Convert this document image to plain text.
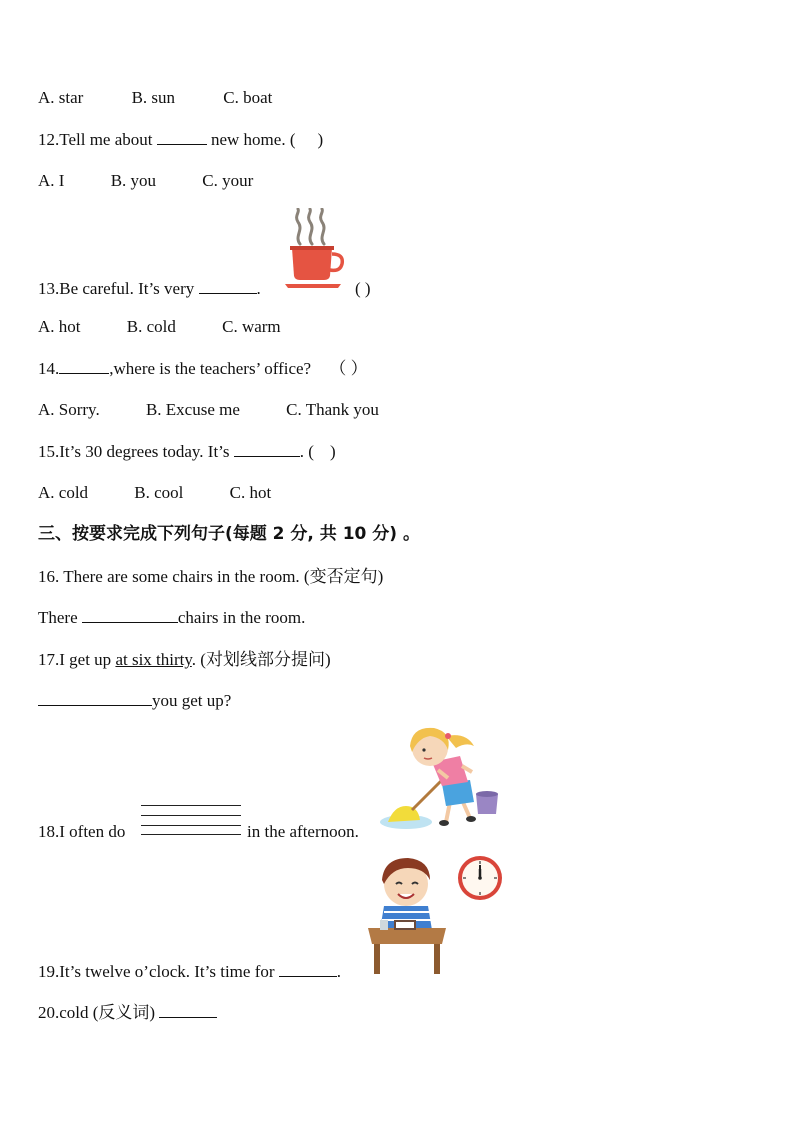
A. star	B. sun	C. boat
12.Tell me about	new home. ( )
A. I	B. you	C. your
13.Be careful. It’s very	.	( )
A. hot	B. cold	C. warm
14.	,where is the teachers’ office? （ ）
A. Sorry.	B. Excuse me	C. Thank you
15.It’s 30 degrees today. It’s	. ( )
A. cold	B. cool	C. hot
三、按要求完成下列句子(每题 2 分, 共 10 分) 。
16. There are some chairs in the room. (变否定句)
There	chairs in the room.
17.I get up at six thirty. (对划线部分提问)
you get up?
18.I often do	in the afternoon.
19.It’s twelve o’clock. It’s time for	.
20.cold (反义词)
